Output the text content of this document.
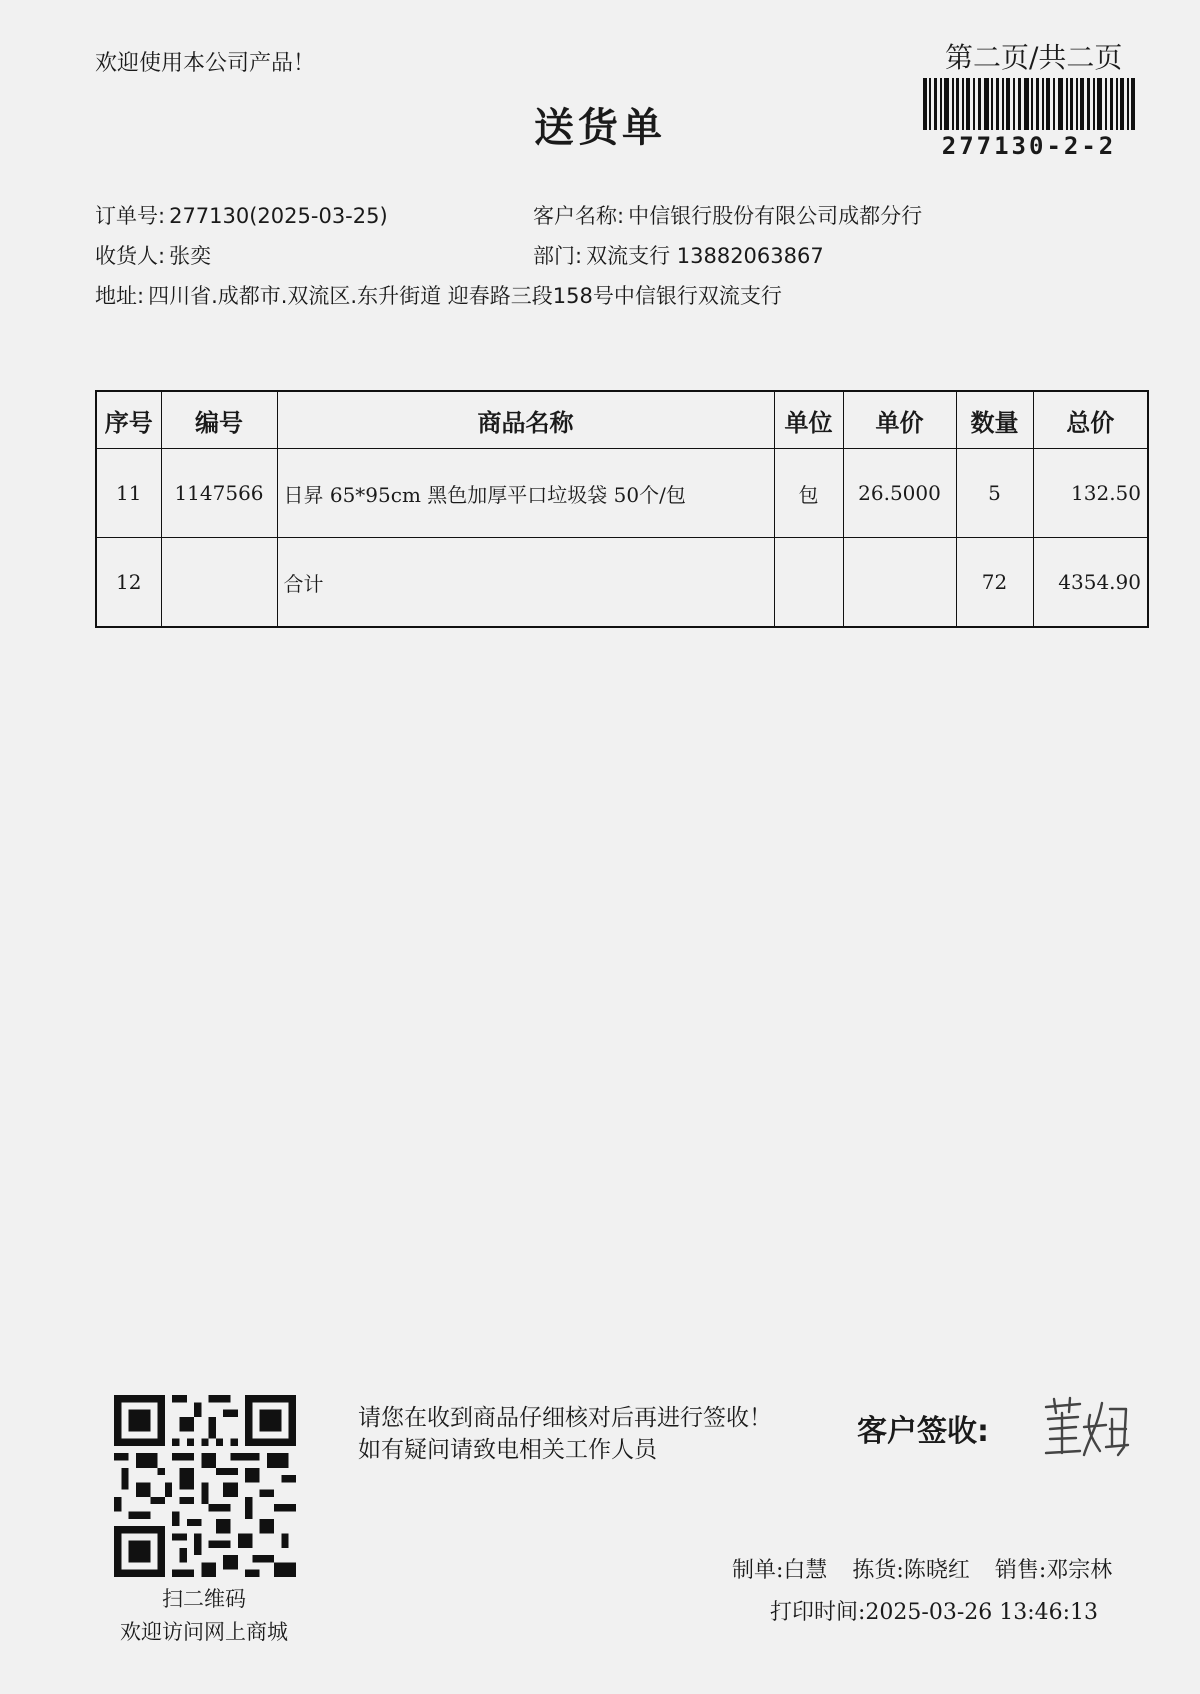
欢迎使用本公司产品！	第二页/共二页
277130-2-2
送货单
订单号: 277130(2025-03-25)	客户名称: 中信银行股份有限公司成都分行
收货人: 张奕	部门: 双流支行 13882063867
地址: 四川省.成都市.双流区.东升街道 迎春路三段158号中信银行双流支行
序号	编号	商品名称	单位	单价	数量	总价
11	1147566	日昇 65*95cm 黑色加厚平口垃圾袋 50个/包	包	26.5000	5	132.50
12		合计			72	4354.90
扫二维码
欢迎访问网上商城
请您在收到商品仔细核对后再进行签收！如有疑问请致电相关工作人员
客户签收:
制单:白慧 拣货:陈晓红 销售:邓宗林
打印时间:2025-03-26 13:46:13
